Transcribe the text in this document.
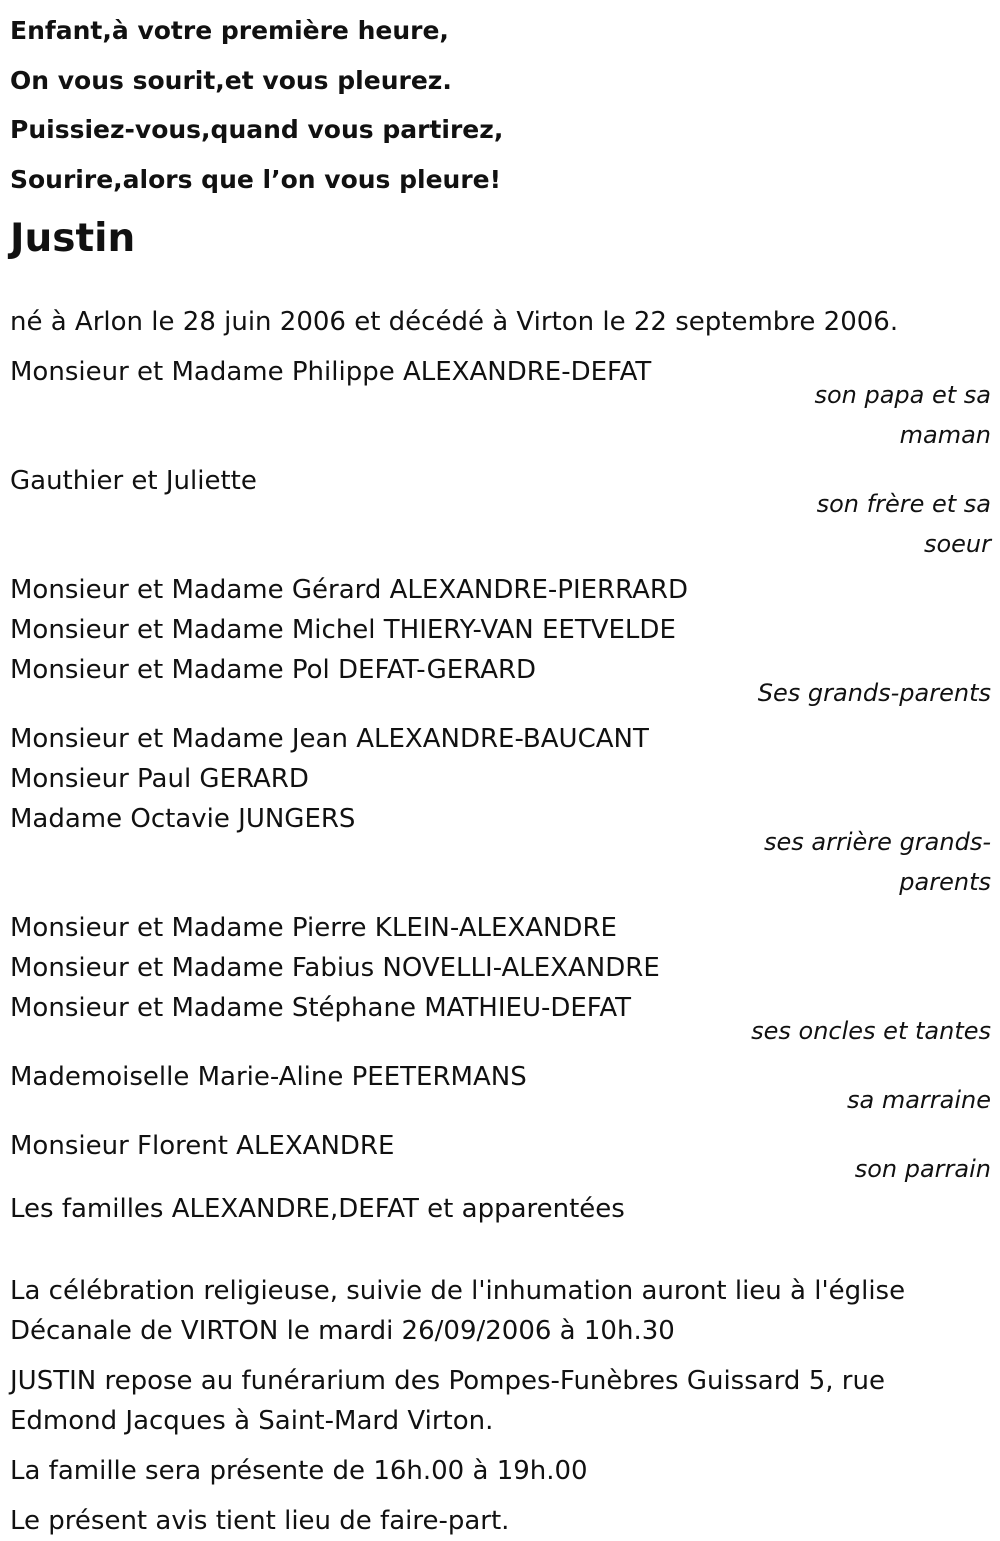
Enfant,à votre première heure,
On vous sourit,et vous pleurez.
Puissiez-vous,quand vous partirez,
Sourire,alors que l’on vous pleure!
Justin
né à Arlon le 28 juin 2006 et décédé à Virton le 22 septembre 2006.
Monsieur et Madame Philippe ALEXANDRE-DEFAT
son papa et sa maman
Gauthier et Juliette
son frère et sa soeur
Monsieur et Madame Gérard ALEXANDRE-PIERRARD
Monsieur et Madame Michel THIERY-VAN EETVELDE
Monsieur et Madame Pol DEFAT-GERARD
Ses grands-parents
Monsieur et Madame Jean ALEXANDRE-BAUCANT
Monsieur Paul GERARD
Madame Octavie JUNGERS
ses arrière grands-parents
Monsieur et Madame Pierre KLEIN-ALEXANDRE
Monsieur et Madame Fabius NOVELLI-ALEXANDRE
Monsieur et Madame Stéphane MATHIEU-DEFAT
ses oncles et tantes
Mademoiselle Marie-Aline PEETERMANS
sa marraine
Monsieur Florent ALEXANDRE
son parrain
Les familles ALEXANDRE,DEFAT et apparentées
La célébration religieuse, suivie de l'inhumation auront lieu à l'église Décanale de VIRTON le mardi 26/09/2006 à 10h.30
JUSTIN repose au funérarium des Pompes-Funèbres Guissard 5, rue Edmond Jacques à Saint-Mard Virton.
La famille sera présente de 16h.00 à 19h.00
Le présent avis tient lieu de faire-part.
